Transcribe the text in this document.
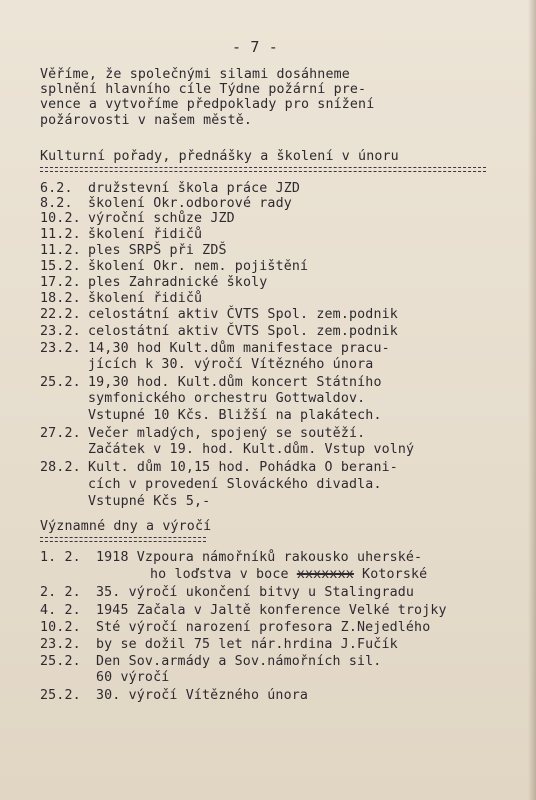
- 7 -
Věříme, že společnými silami dosáhneme
splnění hlavního cíle Týdne požární pre-
vence a vytvoříme předpoklady pro snížení
požárovosti v našem městě.
Kulturní pořady, přednášky a školení v únoru
6.2. družstevní škola práce JZD
8.2. školení Okr.odborové rady
10.2. výroční schůze JZD
11.2. školení řidičů
11.2. ples SRPŠ při ZDŠ
15.2. školení Okr. nem. pojištění
17.2. ples Zahradnické školy
18.2. školení řidičů
22.2. celostátní aktiv ČVTS Spol. zem.podnik
23.2. celostátní aktiv ČVTS Spol. zem.podnik
23.2. 14,30 hod Kult.dům manifestace pracu-
jících k 30. výročí Vítězného února
25.2. 19,30 hod. Kult.dům koncert Státního
symfonického orchestru Gottwaldov.
Vstupné 10 Kčs. Bližší na plakátech.
27.2. Večer mladých, spojený se soutěží.
Začátek v 19. hod. Kult.dům. Vstup volný
28.2. Kult. dům 10,15 hod. Pohádka O berani-
cích v provedení Slováckého divadla.
Vstupné Kčs 5,-
Významné dny a výročí
1. 2. 1918 Vzpoura námořníků rakousko uherské-
ho loďstva v boce xxxxxxx Kotorské
2. 2. 35. výročí ukončení bitvy u Stalingradu
4. 2. 1945 Začala v Jaltě konference Velké trojky
10.2. Sté výročí narození profesora Z.Nejedlého
23.2. by se dožil 75 let nár.hrdina J.Fučík
25.2. Den Sov.armády a Sov.námořních sil.
60 výročí
25.2. 30. výročí Vítězného února
